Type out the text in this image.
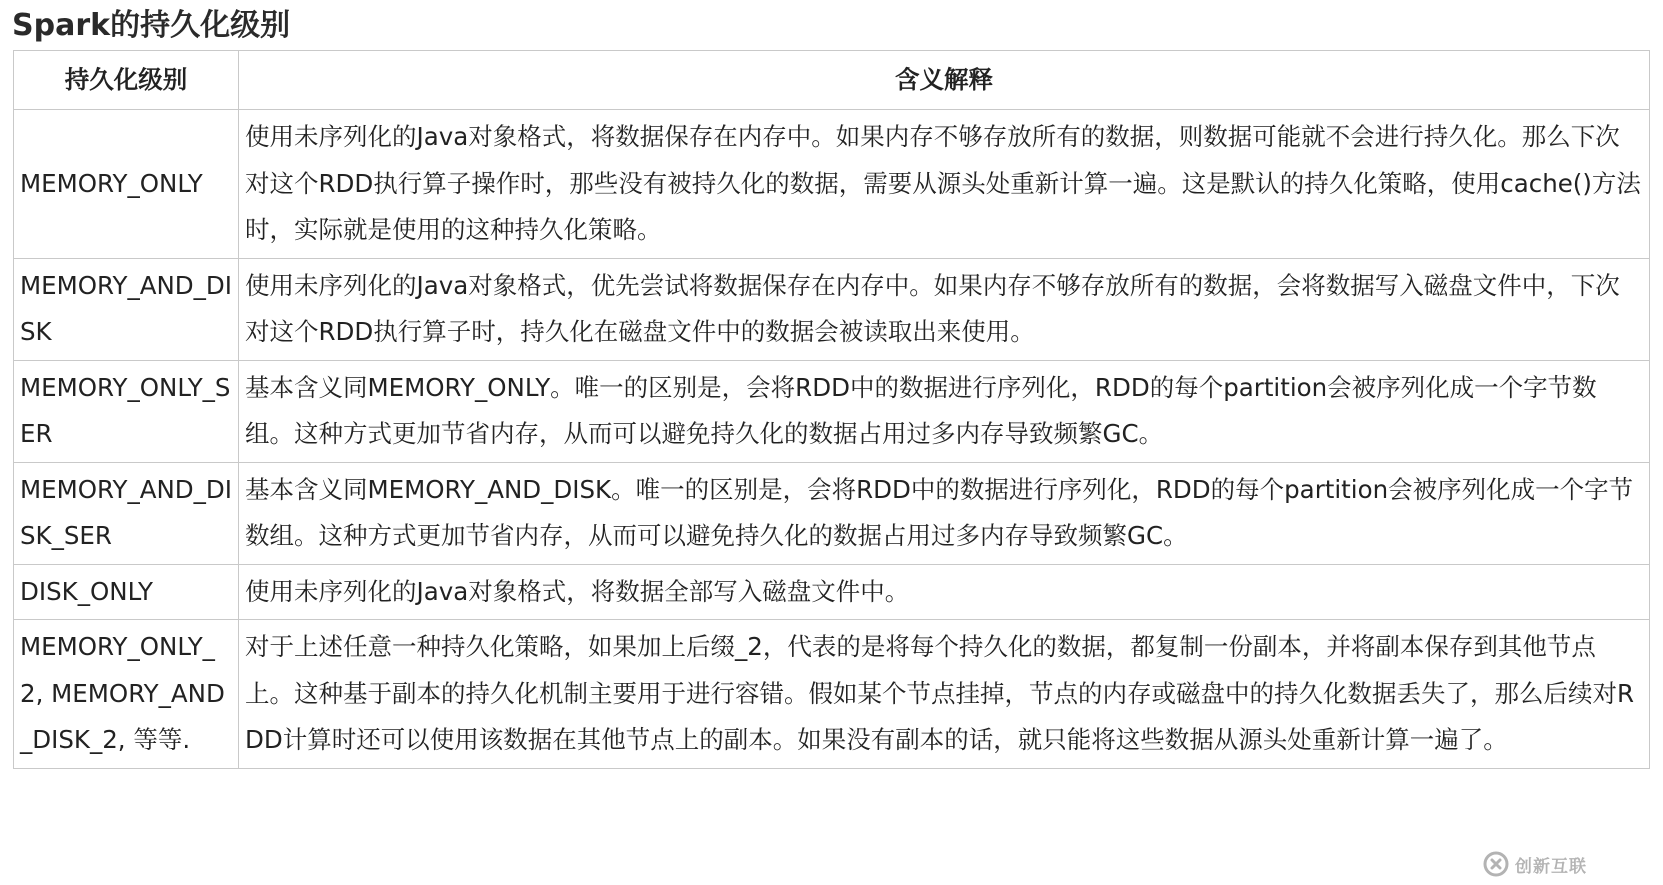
Spark的持久化级别
持久化级别	含义解释
MEMORY_ONLY	使用未序列化的Java对象格式，将数据保存在内存中。如果内存不够存放所有的数据，则数据可能就不会进行持久化。那么下次对这个RDD执行算子操作时，那些没有被持久化的数据，需要从源头处重新计算一遍。这是默认的持久化策略，使用cache()方法时，实际就是使用的这种持久化策略。
MEMORY_AND_DISK	使用未序列化的Java对象格式，优先尝试将数据保存在内存中。如果内存不够存放所有的数据，会将数据写入磁盘文件中，下次对这个RDD执行算子时，持久化在磁盘文件中的数据会被读取出来使用。
MEMORY_ONLY_SER	基本含义同MEMORY_ONLY。唯一的区别是，会将RDD中的数据进行序列化，RDD的每个partition会被序列化成一个字节数组。这种方式更加节省内存，从而可以避免持久化的数据占用过多内存导致频繁GC。
MEMORY_AND_DISK_SER	基本含义同MEMORY_AND_DISK。唯一的区别是，会将RDD中的数据进行序列化，RDD的每个partition会被序列化成一个字节数组。这种方式更加节省内存，从而可以避免持久化的数据占用过多内存导致频繁GC。
DISK_ONLY	使用未序列化的Java对象格式，将数据全部写入磁盘文件中。
MEMORY_ONLY_2, MEMORY_AND_DISK_2, 等等.	对于上述任意一种持久化策略，如果加上后缀_2，代表的是将每个持久化的数据，都复制一份副本，并将副本保存到其他节点上。这种基于副本的持久化机制主要用于进行容错。假如某个节点挂掉，节点的内存或磁盘中的持久化数据丢失了，那么后续对RDD计算时还可以使用该数据在其他节点上的副本。如果没有副本的话，就只能将这些数据从源头处重新计算一遍了。
创新互联
